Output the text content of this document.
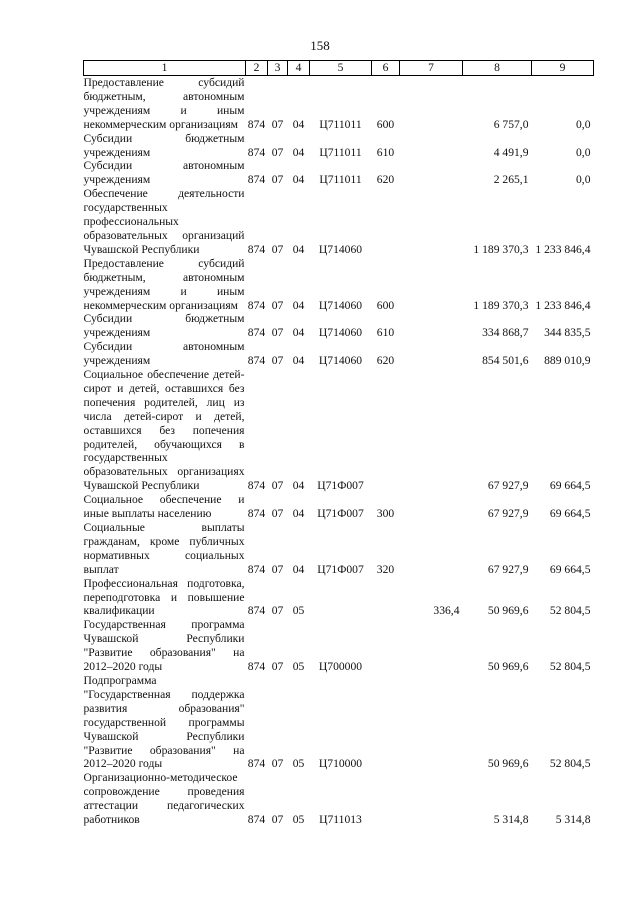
158
1	2	3	4	5	6	7	8	9
Предоставление субсидий бюджетным, автономным учреждениям и иным некоммерческим организациям	874	07	04	Ц711011	600		6 757,0	0,0
Субсидии бюджетным учреждениям	874	07	04	Ц711011	610		4 491,9	0,0
Субсидии автономным учреждениям	874	07	04	Ц711011	620		2 265,1	0,0
Обеспечение деятельности государственных профессиональных образовательных организаций Чувашской Республики	874	07	04	Ц714060			1 189 370,3	1 233 846,4
Предоставление субсидий бюджетным, автономным учреждениям и иным некоммерческим организациям	874	07	04	Ц714060	600		1 189 370,3	1 233 846,4
Субсидии бюджетным учреждениям	874	07	04	Ц714060	610		334 868,7	344 835,5
Субсидии автономным учреждениям	874	07	04	Ц714060	620		854 501,6	889 010,9
Социальное обеспечение детей-сирот и детей, оставшихся без попечения родителей, лиц из числа детей-сирот и детей, оставшихся без попечения родителей, обучающихся в государственных образовательных организациях Чувашской Республики	874	07	04	Ц71Ф007			67 927,9	69 664,5
Социальное обеспечение и иные выплаты населению	874	07	04	Ц71Ф007	300		67 927,9	69 664,5
Социальные выплаты гражданам, кроме публичных нормативных социальных выплат	874	07	04	Ц71Ф007	320		67 927,9	69 664,5
Профессиональная подготовка, переподготовка и повышение квалификации	874	07	05			336,4	50 969,6	52 804,5
Государственная программа Чувашской Республики "Развитие образования" на 2012–2020 годы	874	07	05	Ц700000			50 969,6	52 804,5
Подпрограмма "Государственная поддержка развития образования" государственной программы Чувашской Республики "Развитие образования" на 2012–2020 годы	874	07	05	Ц710000			50 969,6	52 804,5
Организационно-методическое сопровождение проведения аттестации педагогических работников	874	07	05	Ц711013			5 314,8	5 314,8
